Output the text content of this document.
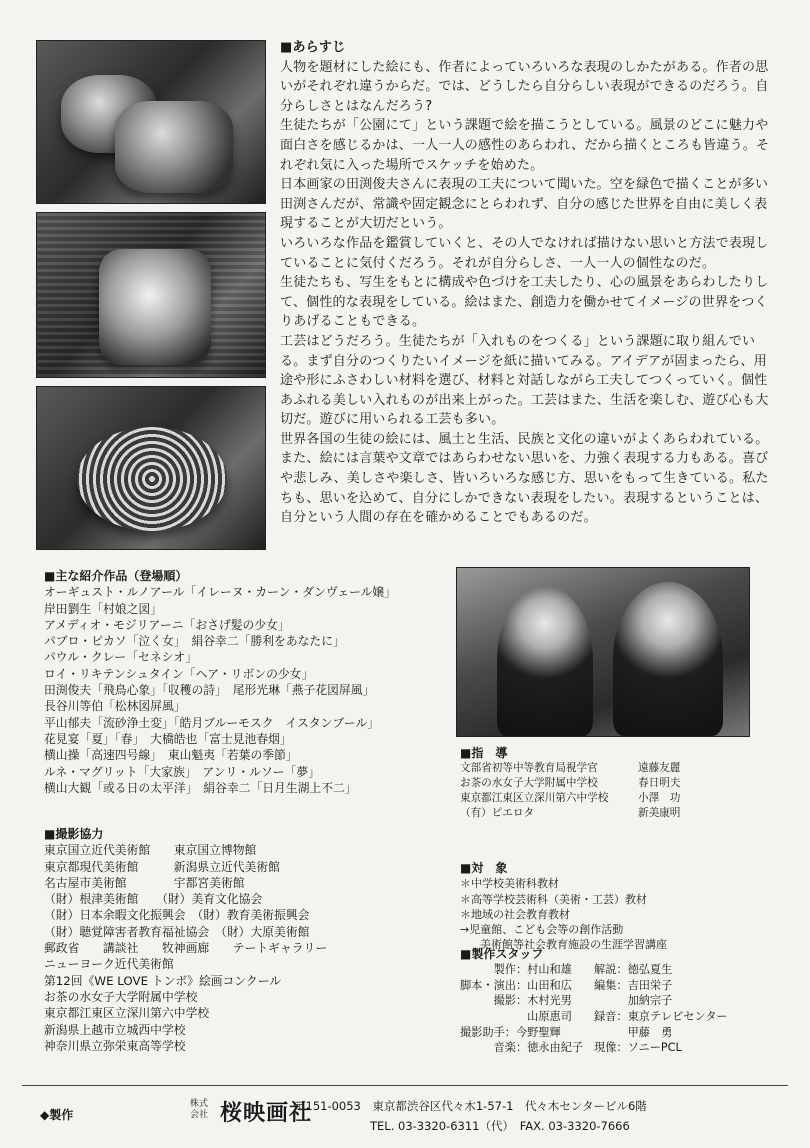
■あらすじ

人物を題材にした絵にも、作者によっていろいろな表現のしかたがある。作者の思いがそれぞれ違うからだ。では、どうしたら自分らしい表現ができるのだろう。自分らしさとはなんだろう?

生徒たちが「公園にて」という課題で絵を描こうとしている。風景のどこに魅力や面白さを感じるかは、一人一人の感性のあらわれ、だから描くところも皆違う。それぞれ気に入った場所でスケッチを始めた。

日本画家の田渕俊夫さんに表現の工夫について聞いた。空を緑色で描くことが多い田渕さんだが、常識や固定観念にとらわれず、自分の感じた世界を自由に美しく表現することが大切だという。

いろいろな作品を鑑賞していくと、その人でなければ描けない思いと方法で表現していることに気付くだろう。それが自分らしさ、一人一人の個性なのだ。

生徒たちも、写生をもとに構成や色づけを工夫したり、心の風景をあらわしたりして、個性的な表現をしている。絵はまた、創造力を働かせてイメージの世界をつくりあげることもできる。

工芸はどうだろう。生徒たちが「入れものをつくる」という課題に取り組んでいる。まず自分のつくりたいイメージを紙に描いてみる。アイデアが固まったら、用途や形にふさわしい材料を選び、材料と対話しながら工夫してつくっていく。個性あふれる美しい入れものが出来上がった。工芸はまた、生活を楽しむ、遊び心も大切だ。遊びに用いられる工芸も多い。

世界各国の生徒の絵には、風土と生活、民族と文化の違いがよくあらわれている。また、絵には言葉や文章ではあらわせない思いを、力強く表現する力もある。喜びや悲しみ、美しさや楽しさ、皆いろいろな感じ方、思いをもって生きている。私たちも、思いを込めて、自分にしかできない表現をしたい。表現するということは、自分という人間の存在を確かめることでもあるのだ。

■主な紹介作品（登場順）
オーギュスト・ルノアール「イレーヌ・カーン・ダンヴェール嬢」
岸田劉生「村娘之図」
アメディオ・モジリアーニ「おさげ髪の少女」
パブロ・ピカソ「泣く女」　絹谷幸二「勝利をあなたに」
パウル・クレー「セネシオ」
ロイ・リキテンシュタイン「ヘア・リボンの少女」
田渕俊夫「飛鳥心象」「収穫の詩」　尾形光琳「燕子花図屏風」
長谷川等伯「松林図屏風」
平山郁夫「流砂浄土変」「皓月ブルーモスク　イスタンブール」
花見宴「夏」「春」　大橋皓也「富士見池春烟」
横山操「高速四号線」　東山魁夷「若葉の季節」
ルネ・マグリット「大家族」　アンリ・ルソー「夢」
横山大観「或る日の太平洋」　絹谷幸二「日月生湖上不二」
■撮影協力
東京国立近代美術館　　東京国立博物館
東京都現代美術館　　　新潟県立近代美術館
名古屋市美術館　　　　宇都宮美術館
（財）根津美術館　　（財）美育文化協会
（財）日本余暇文化振興会　（財）教育美術振興会
（財）聴覚障害者教育福祉協会　（財）大原美術館
郵政省　　講談社　　牧神画廊　　テートギャラリー
ニューヨーク近代美術館
第12回《WE LOVE トンボ》絵画コンクール
お茶の水女子大学附属中学校
東京都江東区立深川第六中学校
新潟県上越市立城西中学校
神奈川県立弥栄東高等学校
■指　導
文部省初等中等教育局視学官	遠藤友麗
お茶の水女子大学附属中学校	春日明夫
東京都江東区立深川第六中学校	小澤　功
（有）ピエロタ	新美康明
■対　象
＊中学校美術科教材
＊高等学校芸術科（美術・工芸）教材
＊地域の社会教育教材
→児童館、こども会等の創作活動
美術館等社会教育施設の生涯学習講座
■製作スタッフ
　　　製作：村山和雄	解説：徳弘夏生
脚本・演出：山田和広	編集：吉田栄子
　　　撮影：木村光男	　　　加納宗子
　　　　　　山原恵司	録音：東京テレビセンター
撮影助手：今野聖輝	　　　甲藤　勇
　　　音楽：徳永由紀子 現像：ソニーPCL
◆製作
株式会社 桜映画社
〒151-0053　東京都渋谷区代々木1-57-1　代々木センタービル6階
TEL. 03-3320-6311（代）　FAX. 03-3320-7666
